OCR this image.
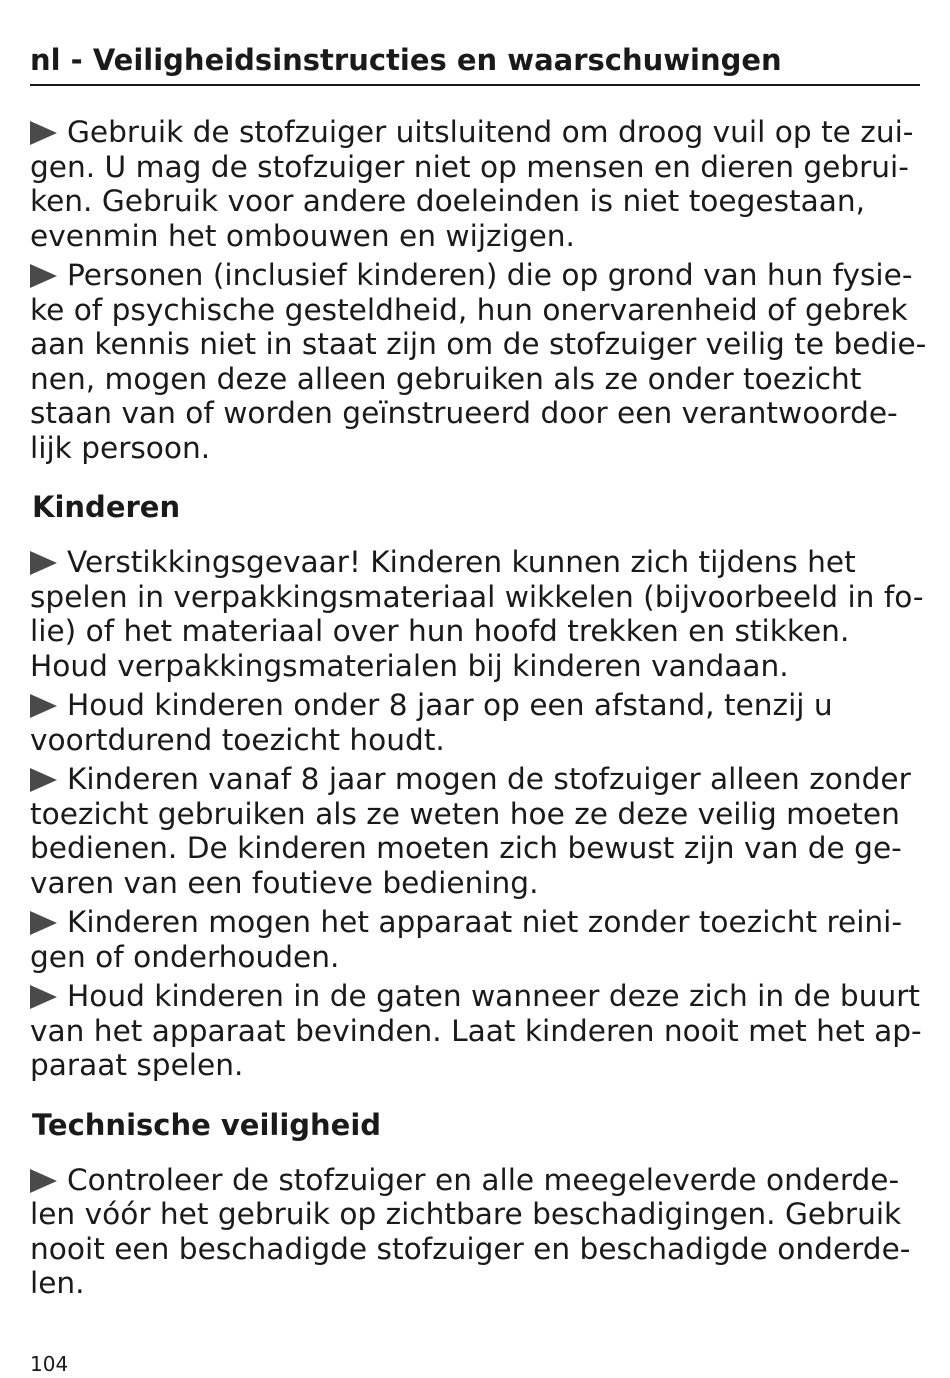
nl - Veiligheidsinstructies en waarschuwingen
Gebruik de stofzuiger uitsluitend om droog vuil op te zui-
gen. U mag de stofzuiger niet op mensen en dieren gebrui-
ken. Gebruik voor andere doeleinden is niet toegestaan,
evenmin het ombouwen en wijzigen.
Personen (inclusief kinderen) die op grond van hun fysie-
ke of psychische gesteldheid, hun onervarenheid of gebrek
aan kennis niet in staat zijn om de stofzuiger veilig te bedie-
nen, mogen deze alleen gebruiken als ze onder toezicht
staan van of worden geïnstrueerd door een verantwoorde-
lijk persoon.
Kinderen
Verstikkingsgevaar! Kinderen kunnen zich tijdens het
spelen in verpakkingsmateriaal wikkelen (bijvoorbeeld in fo-
lie) of het materiaal over hun hoofd trekken en stikken.
Houd verpakkingsmaterialen bij kinderen vandaan.
Houd kinderen onder 8 jaar op een afstand, tenzij u
voortdurend toezicht houdt.
Kinderen vanaf 8 jaar mogen de stofzuiger alleen zonder
toezicht gebruiken als ze weten hoe ze deze veilig moeten
bedienen. De kinderen moeten zich bewust zijn van de ge-
varen van een foutieve bediening.
Kinderen mogen het apparaat niet zonder toezicht reini-
gen of onderhouden.
Houd kinderen in de gaten wanneer deze zich in de buurt
van het apparaat bevinden. Laat kinderen nooit met het ap-
paraat spelen.
Technische veiligheid
Controleer de stofzuiger en alle meegeleverde onderde-
len vóór het gebruik op zichtbare beschadigingen. Gebruik
nooit een beschadigde stofzuiger en beschadigde onderde-
len.
104
